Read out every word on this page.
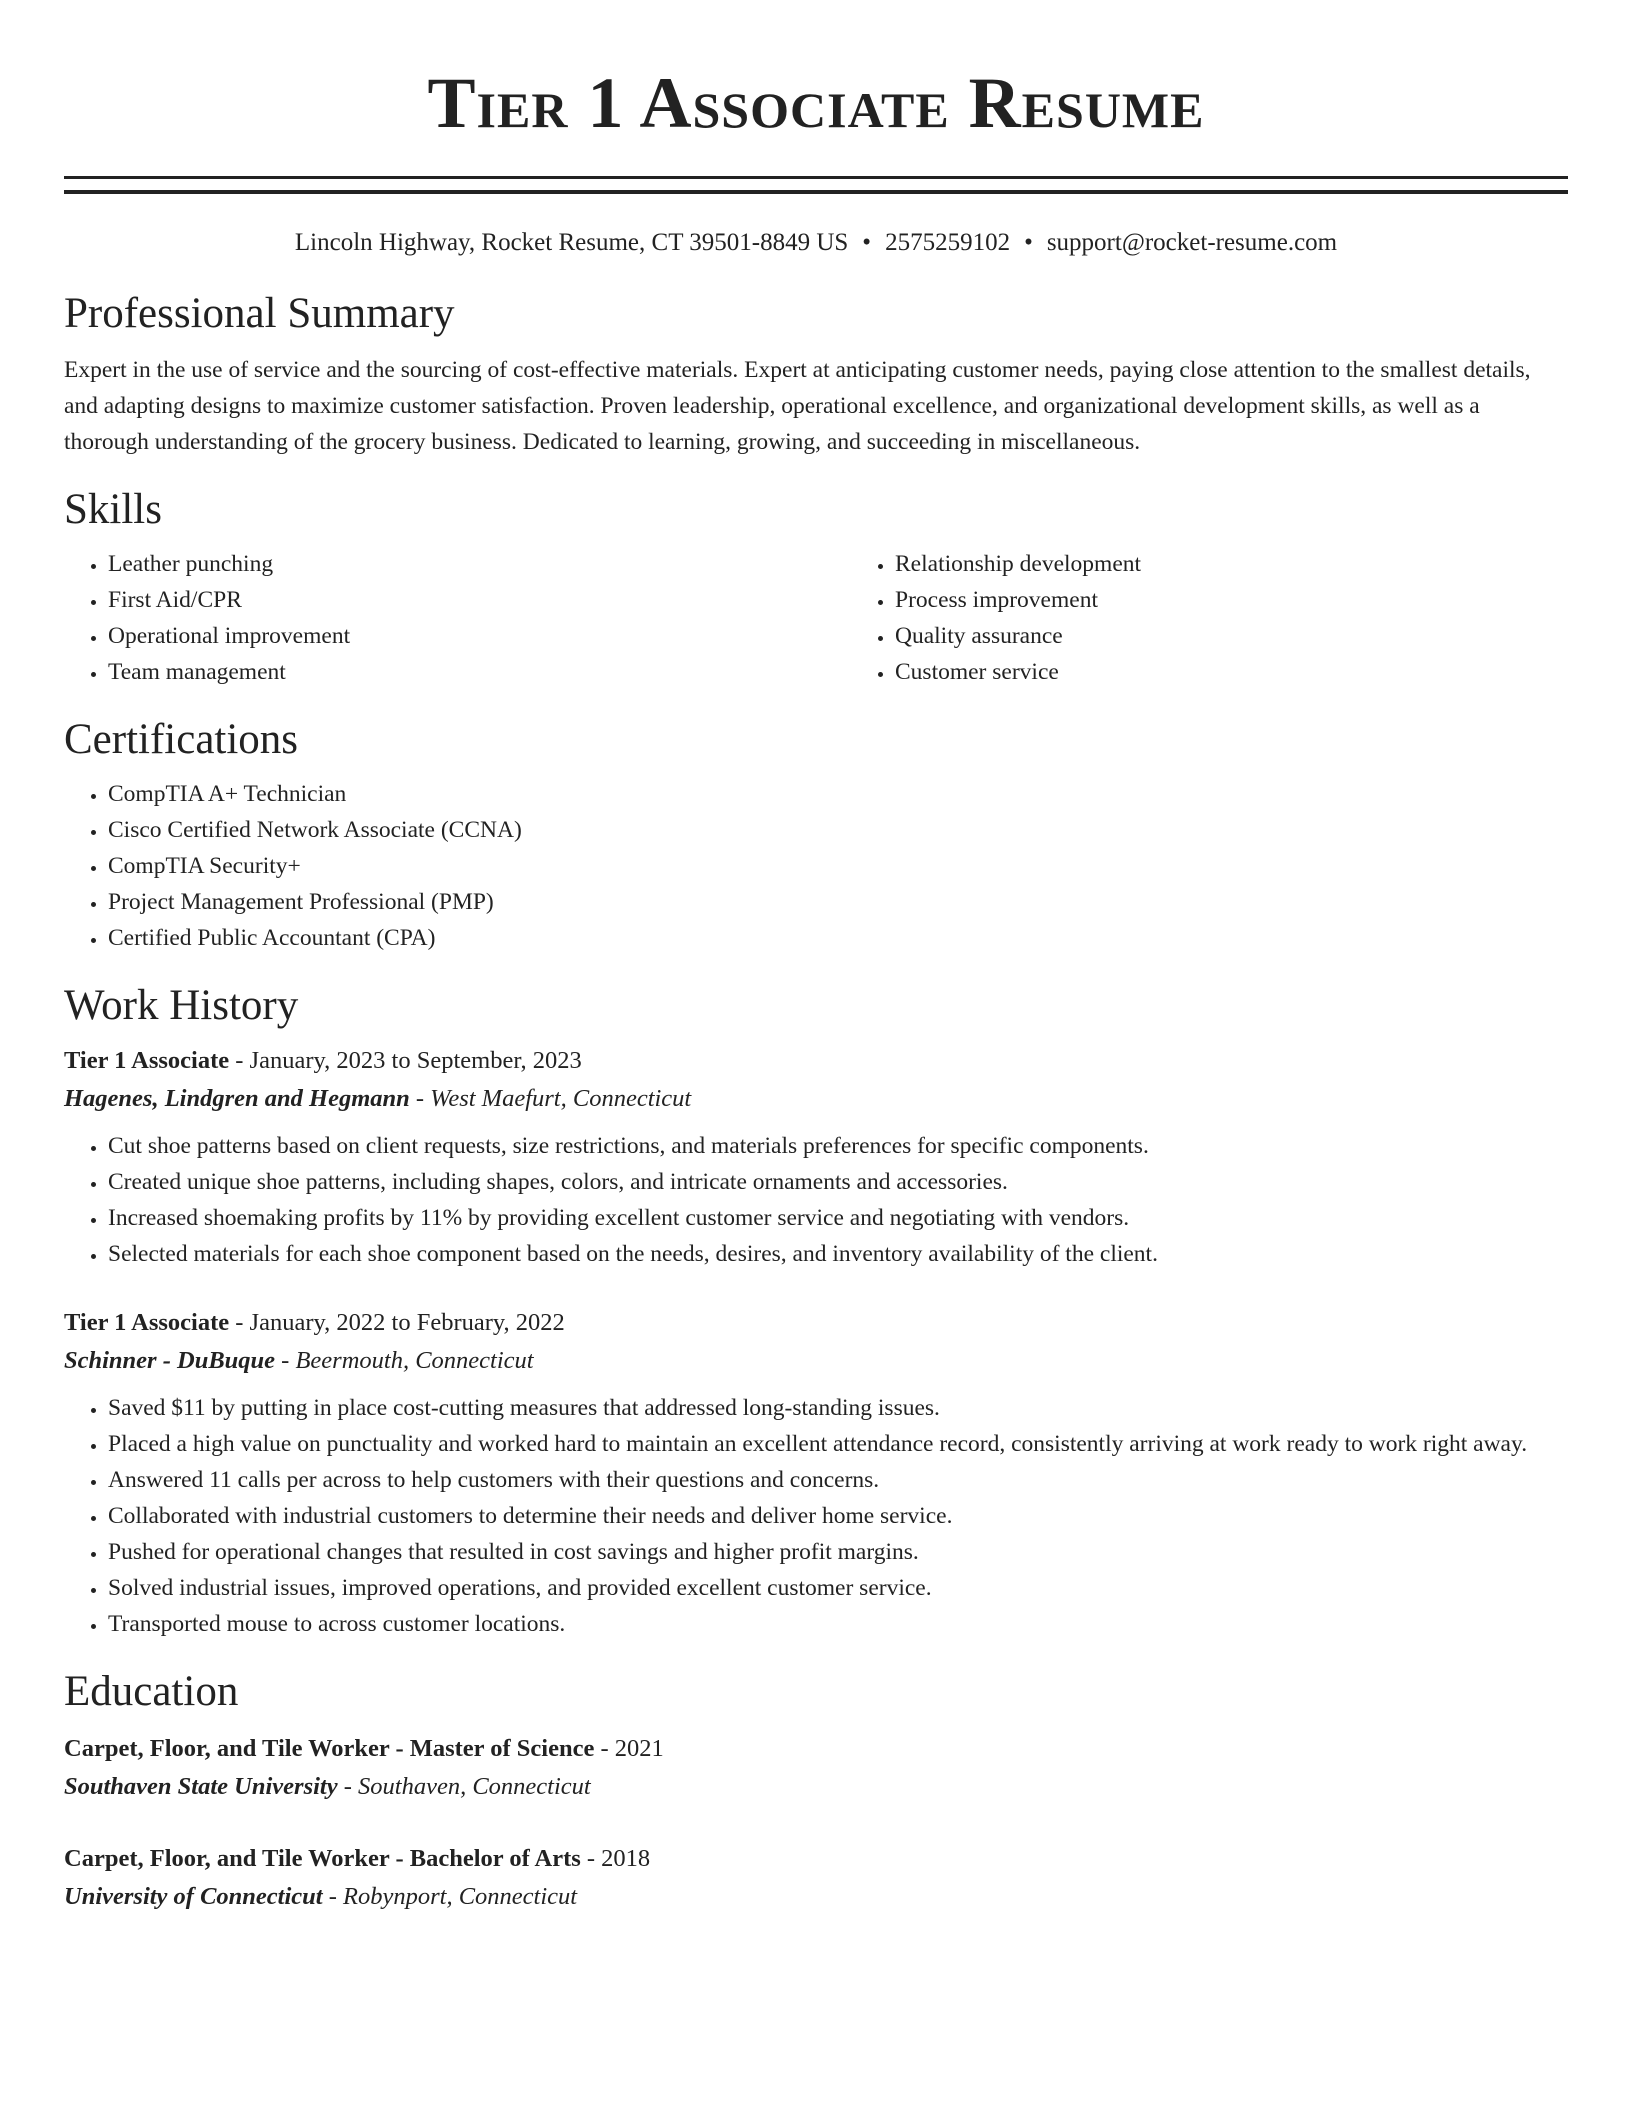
Tier 1 Associate Resume
Lincoln Highway, Rocket Resume, CT 39501-8849 US • 2575259102 • support@rocket-resume.com
Professional Summary

Expert in the use of service and the sourcing of cost-effective materials. Expert at anticipating customer needs, paying close attention to the smallest details, and adapting designs to maximize customer satisfaction. Proven leadership, operational excellence, and organizational development skills, as well as a thorough understanding of the grocery business. Dedicated to learning, growing, and succeeding in miscellaneous.

Skills
• Leather punching
• First Aid/CPR
• Operational improvement
• Team management
• Relationship development
• Process improvement
• Quality assurance
• Customer service
Certifications
• CompTIA A+ Technician
• Cisco Certified Network Associate (CCNA)
• CompTIA Security+
• Project Management Professional (PMP)
• Certified Public Accountant (CPA)
Work History

Tier 1 Associate - January, 2023 to September, 2023

Hagenes, Lindgren and Hegmann - West Maefurt, Connecticut

• Cut shoe patterns based on client requests, size restrictions, and materials preferences for specific components.
• Created unique shoe patterns, including shapes, colors, and intricate ornaments and accessories.
• Increased shoemaking profits by 11% by providing excellent customer service and negotiating with vendors.
• Selected materials for each shoe component based on the needs, desires, and inventory availability of the client.

Tier 1 Associate - January, 2022 to February, 2022

Schinner - DuBuque - Beermouth, Connecticut

• Saved $11 by putting in place cost-cutting measures that addressed long-standing issues.
• Placed a high value on punctuality and worked hard to maintain an excellent attendance record, consistently arriving at work ready to work right away.
• Answered 11 calls per across to help customers with their questions and concerns.
• Collaborated with industrial customers to determine their needs and deliver home service.
• Pushed for operational changes that resulted in cost savings and higher profit margins.
• Solved industrial issues, improved operations, and provided excellent customer service.
• Transported mouse to across customer locations.
Education

Carpet, Floor, and Tile Worker - Master of Science - 2021

Southaven State University - Southaven, Connecticut

Carpet, Floor, and Tile Worker - Bachelor of Arts - 2018

University of Connecticut - Robynport, Connecticut
